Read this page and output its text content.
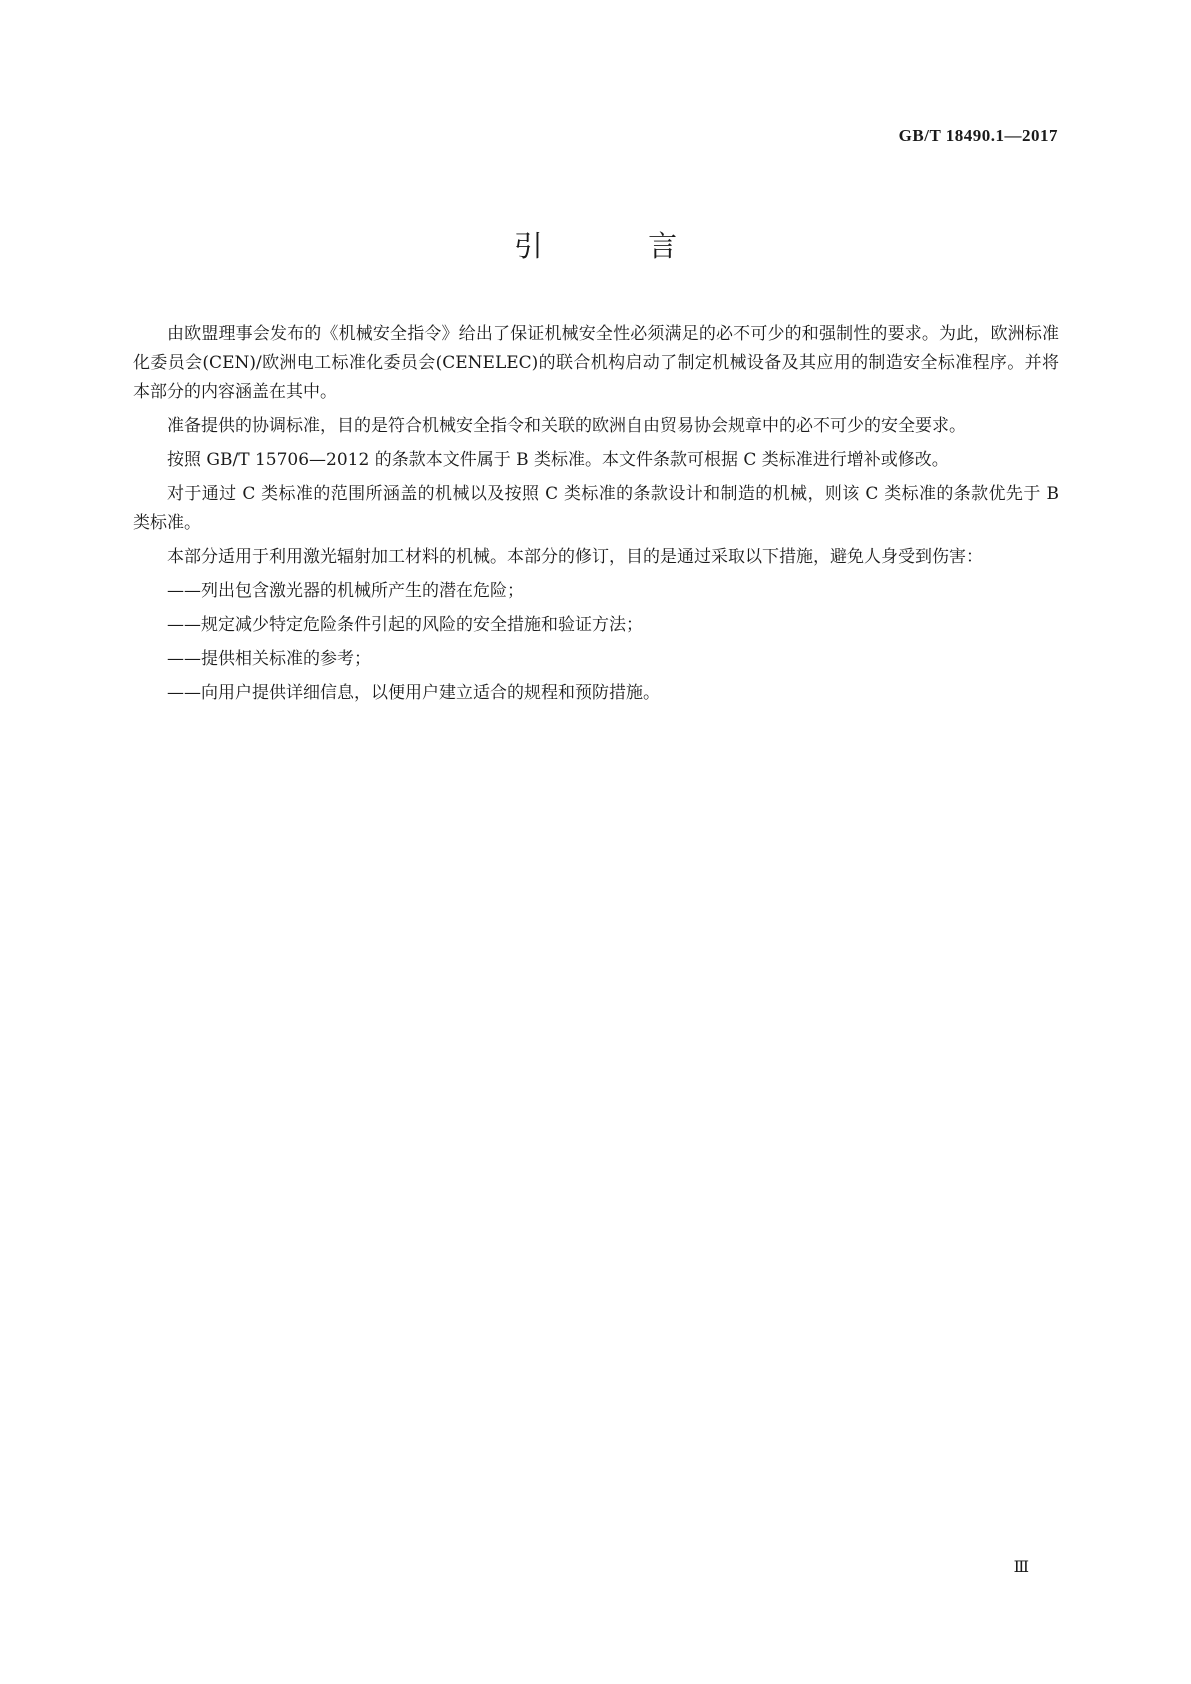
GB/T 18490.1—2017
引 言

由欧盟理事会发布的《机械安全指令》给出了保证机械安全性必须满足的必不可少的和强制性的要求。为此，欧洲标准化委员会(CEN)/欧洲电工标准化委员会(CENELEC)的联合机构启动了制定机械设备及其应用的制造安全标准程序。并将本部分的内容涵盖在其中。

准备提供的协调标准，目的是符合机械安全指令和关联的欧洲自由贸易协会规章中的必不可少的安全要求。

按照 GB/T 15706—2012 的条款本文件属于 B 类标准。本文件条款可根据 C 类标准进行增补或修改。

对于通过 C 类标准的范围所涵盖的机械以及按照 C 类标准的条款设计和制造的机械，则该 C 类标准的条款优先于 B 类标准。

本部分适用于利用激光辐射加工材料的机械。本部分的修订，目的是通过采取以下措施，避免人身受到伤害：

——列出包含激光器的机械所产生的潜在危险；

——规定减少特定危险条件引起的风险的安全措施和验证方法；

——提供相关标准的参考；

——向用户提供详细信息，以便用户建立适合的规程和预防措施。

Ⅲ
